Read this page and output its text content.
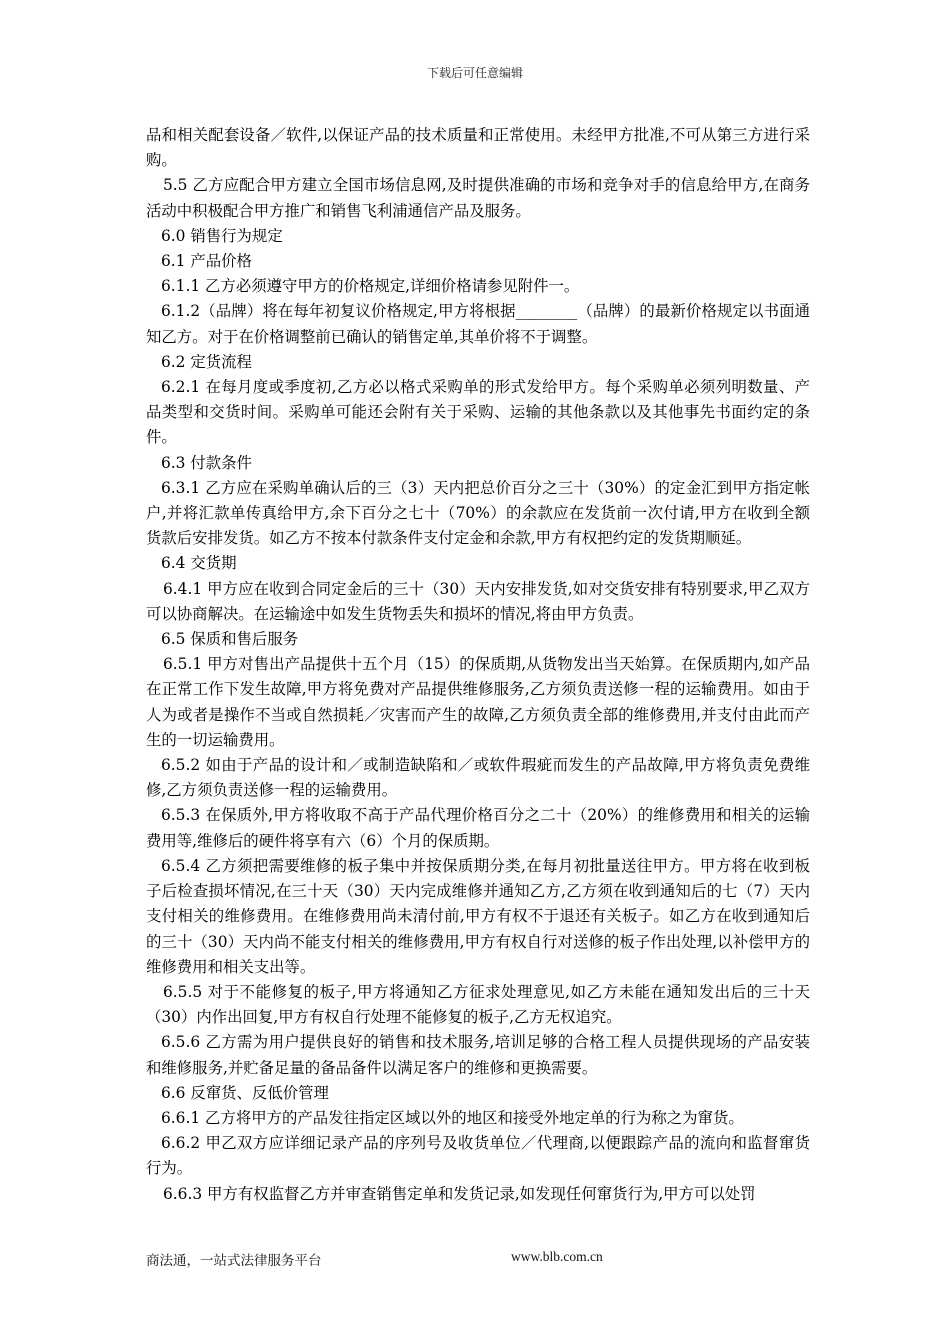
下载后可任意编辑

品和相关配套设备／软件,以保证产品的技术质量和正常使用。未经甲方批准,不可从第三方进行采购。

5.5 乙方应配合甲方建立全国市场信息网,及时提供准确的市场和竞争对手的信息给甲方,在商务活动中积极配合甲方推广和销售飞利浦通信产品及服务。

6.0 销售行为规定

6.1 产品价格

6.1.1 乙方必须遵守甲方的价格规定,详细价格请参见附件一。

6.1.2（品牌）将在每年初复议价格规定,甲方将根据________（品牌）的最新价格规定以书面通知乙方。对于在价格调整前已确认的销售定单,其单价将不于调整。

6.2 定货流程

6.2.1 在每月度或季度初,乙方必以格式采购单的形式发给甲方。每个采购单必须列明数量、产品类型和交货时间。采购单可能还会附有关于采购、运输的其他条款以及其他事先书面约定的条件。

6.3 付款条件

6.3.1 乙方应在采购单确认后的三（3）天内把总价百分之三十（30%）的定金汇到甲方指定帐户,并将汇款单传真给甲方,余下百分之七十（70%）的余款应在发货前一次付请,甲方在收到全额货款后安排发货。如乙方不按本付款条件支付定金和余款,甲方有权把约定的发货期顺延。

6.4 交货期

6.4.1 甲方应在收到合同定金后的三十（30）天内安排发货,如对交货安排有特别要求,甲乙双方可以协商解决。在运输途中如发生货物丢失和损坏的情况,将由甲方负责。

6.5 保质和售后服务

6.5.1 甲方对售出产品提供十五个月（15）的保质期,从货物发出当天始算。在保质期内,如产品在正常工作下发生故障,甲方将免费对产品提供维修服务,乙方须负责送修一程的运输费用。如由于人为或者是操作不当或自然损耗／灾害而产生的故障,乙方须负责全部的维修费用,并支付由此而产生的一切运输费用。

6.5.2 如由于产品的设计和／或制造缺陷和／或软件瑕疵而发生的产品故障,甲方将负责免费维修,乙方须负责送修一程的运输费用。

6.5.3 在保质外,甲方将收取不高于产品代理价格百分之二十（20%）的维修费用和相关的运输费用等,维修后的硬件将享有六（6）个月的保质期。

6.5.4 乙方须把需要维修的板子集中并按保质期分类,在每月初批量送往甲方。甲方将在收到板子后检查损坏情况,在三十天（30）天内完成维修并通知乙方,乙方须在收到通知后的七（7）天内支付相关的维修费用。在维修费用尚未清付前,甲方有权不于退还有关板子。如乙方在收到通知后的三十（30）天内尚不能支付相关的维修费用,甲方有权自行对送修的板子作出处理,以补偿甲方的维修费用和相关支出等。

6.5.5 对于不能修复的板子,甲方将通知乙方征求处理意见,如乙方未能在通知发出后的三十天（30）内作出回复,甲方有权自行处理不能修复的板子,乙方无权追究。

6.5.6 乙方需为用户提供良好的销售和技术服务,培训足够的合格工程人员提供现场的产品安装和维修服务,并贮备足量的备品备件以满足客户的维修和更换需要。

6.6 反窜货、反低价管理

6.6.1 乙方将甲方的产品发往指定区域以外的地区和接受外地定单的行为称之为窜货。

6.6.2 甲乙双方应详细记录产品的序列号及收货单位／代理商,以便跟踪产品的流向和监督窜货行为。

6.6.3 甲方有权监督乙方并审查销售定单和发货记录,如发现任何窜货行为,甲方可以处罚

商法通，一站式法律服务平台	www.blb.com.cn
